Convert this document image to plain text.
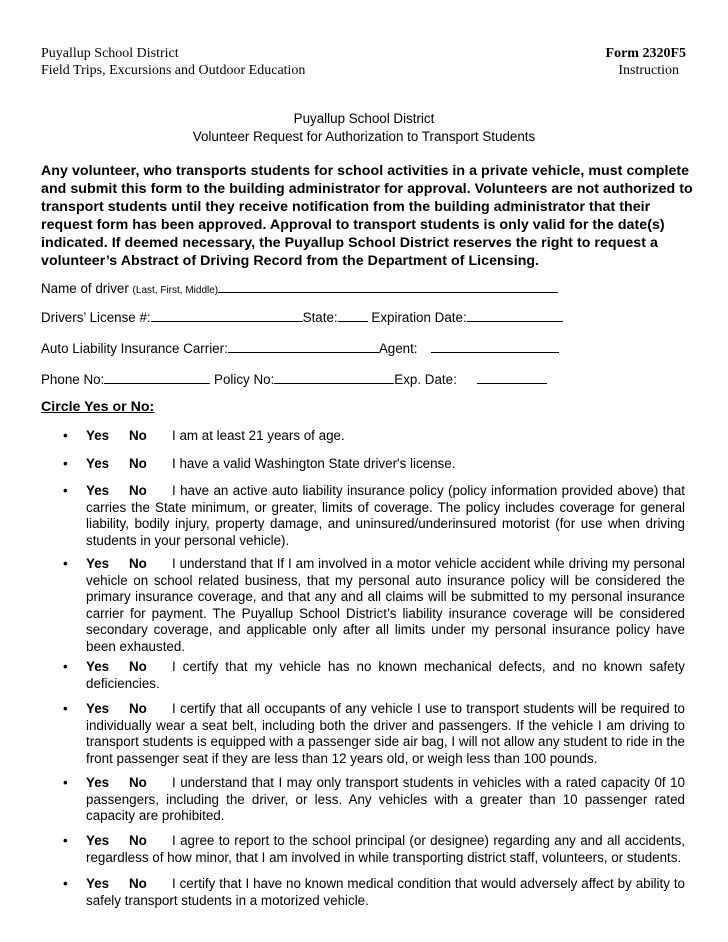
Puyallup School District
Field Trips, Excursions and Outdoor Education
Form 2320F5
Instruction
Puyallup School District
Volunteer Request for Authorization to Transport Students
Any volunteer, who transports students for school activities in a private vehicle, must complete and submit this form to the building administrator for approval. Volunteers are not authorized to transport students until they receive notification from the building administrator that their request form has been approved. Approval to transport students is only valid for the date(s) indicated. If deemed necessary, the Puyallup School District reserves the right to request a volunteer’s Abstract of Driving Record from the Department of Licensing.
Name of driver (Last, First, Middle)
Drivers’ License #:	State:	Expiration Date:
Auto Liability Insurance Carrier:	Agent:
Phone No:	Policy No:	Exp. Date:
Circle Yes or No:
•	Yes No I am at least 21 years of age.
•	Yes No I have a valid Washington State driver's license.
•	Yes No I have an active auto liability insurance policy (policy information provided above) that carries the State minimum, or greater, limits of coverage. The policy includes coverage for general liability, bodily injury, property damage, and uninsured/underinsured motorist (for use when driving students in your personal vehicle).
•	Yes No I understand that If I am involved in a motor vehicle accident while driving my personal vehicle on school related business, that my personal auto insurance policy will be considered the primary insurance coverage, and that any and all claims will be submitted to my personal insurance carrier for payment. The Puyallup School District’s liability insurance coverage will be considered secondary coverage, and applicable only after all limits under my personal insurance policy have been exhausted.
•	Yes No I certify that my vehicle has no known mechanical defects, and no known safety deficiencies.
•	Yes No I certify that all occupants of any vehicle I use to transport students will be required to individually wear a seat belt, including both the driver and passengers. If the vehicle I am driving to transport students is equipped with a passenger side air bag, I will not allow any student to ride in the front passenger seat if they are less than 12 years old, or weigh less than 100 pounds.
•	Yes No I understand that I may only transport students in vehicles with a rated capacity 0f 10 passengers, including the driver, or less. Any vehicles with a greater than 10 passenger rated capacity are prohibited.
•	Yes No I agree to report to the school principal (or designee) regarding any and all accidents, regardless of how minor, that I am involved in while transporting district staff, volunteers, or students.
•	Yes No I certify that I have no known medical condition that would adversely affect by ability to safely transport students in a motorized vehicle.
